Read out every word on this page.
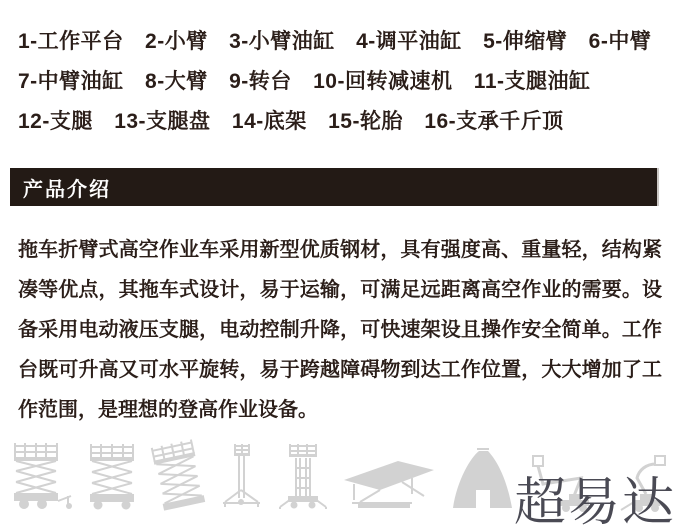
1-工作平台 2-小臂 3-小臂油缸 4-调平油缸 5-伸缩臂 6-中臂
7-中臂油缸 8-大臂 9-转台 10-回转减速机 11-支腿油缸
12-支腿 13-支腿盘 14-底架 15-轮胎 16-支承千斤顶
产品介绍

拖车折臂式高空作业车采用新型优质钢材，具有强度高、重量轻，结构紧凑等优点，其拖车式设计，易于运输，可满足远距离高空作业的需要。设备采用电动液压支腿，电动控制升降，可快速架设且操作安全简单。工作台既可升高又可水平旋转，易于跨越障碍物到达工作位置，大大增加了工作范围，是理想的登高作业设备。

超易达
